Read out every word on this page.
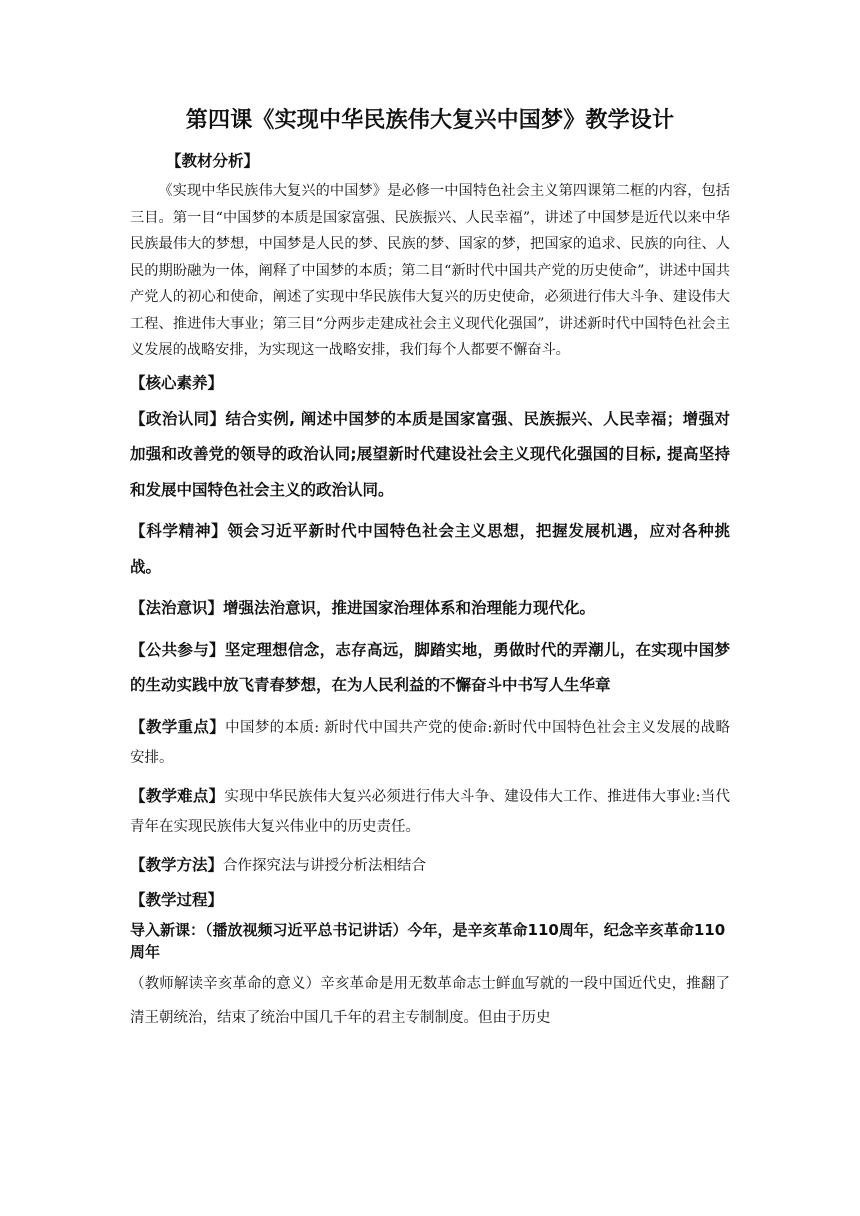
第四课《实现中华民族伟大复兴中国梦》教学设计
【教材分析】

《实现中华民族伟大复兴的中国梦》是必修一中国特色社会主义第四课第二框的内容，包括三目。第一目“中国梦的本质是国家富强、民族振兴、人民幸福”，讲述了中国梦是近代以来中华民族最伟大的梦想，中国梦是人民的梦、民族的梦、国家的梦，把国家的追求、民族的向往、人民的期盼融为一体，阐释了中国梦的本质；第二目“新时代中国共产党的历史使命”，讲述中国共产党人的初心和使命，阐述了实现中华民族伟大复兴的历史使命，必须进行伟大斗争、建设伟大工程、推进伟大事业；第三目“分两步走建成社会主义现代化强国”，讲述新时代中国特色社会主义发展的战略安排，为实现这一战略安排，我们每个人都要不懈奋斗。

【核心素养】

【政治认同】结合实例, 阐述中国梦的本质是国家富强、民族振兴、人民幸福；增强对加强和改善党的领导的政治认同;展望新时代建设社会主义现代化强国的目标, 提高坚持和发展中国特色社会主义的政治认同。

【科学精神】领会习近平新时代中国特色社会主义思想，把握发展机遇，应对各种挑战。

【法治意识】增强法治意识，推进国家治理体系和治理能力现代化。

【公共参与】坚定理想信念，志存高远，脚踏实地，勇做时代的弄潮儿，在实现中国梦的生动实践中放飞青春梦想，在为人民利益的不懈奋斗中书写人生华章

【教学重点】中国梦的本质: 新时代中国共产党的使命:新时代中国特色社会主义发展的战略安排。

【教学难点】实现中华民族伟大复兴必须进行伟大斗争、建设伟大工作、推进伟大事业:当代青年在实现民族伟大复兴伟业中的历史责任。

【教学方法】合作探究法与讲授分析法相结合

【教学过程】

导入新课：（播放视频习近平总书记讲话）今年，是辛亥革命110周年，纪念辛亥革命110周年

（教师解读辛亥革命的意义）辛亥革命是用无数革命志士鲜血写就的一段中国近代史，推翻了清王朝统治，结束了统治中国几千年的君主专制制度。但由于历史
